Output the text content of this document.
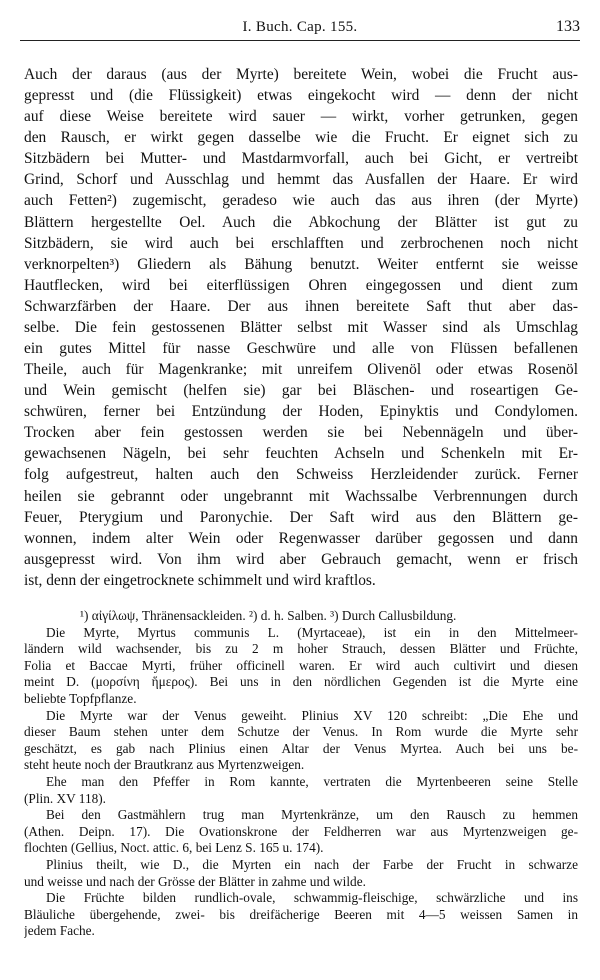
I. Buch. Cap. 155.	133
Auch der daraus (aus der Myrte) bereitete Wein, wobei die Frucht aus-
gepresst und (die Flüssigkeit) etwas eingekocht wird — denn der nicht
auf diese Weise bereitete wird sauer — wirkt, vorher getrunken, gegen
den Rausch, er wirkt gegen dasselbe wie die Frucht. Er eignet sich zu
Sitzbädern bei Mutter- und Mastdarmvorfall, auch bei Gicht, er vertreibt
Grind, Schorf und Ausschlag und hemmt das Ausfallen der Haare. Er wird
auch Fetten²) zugemischt, geradeso wie auch das aus ihren (der Myrte)
Blättern hergestellte Oel. Auch die Abkochung der Blätter ist gut zu
Sitzbädern, sie wird auch bei erschlafften und zerbrochenen noch nicht
verknorpelten³) Gliedern als Bähung benutzt. Weiter entfernt sie weisse
Hautflecken, wird bei eiterflüssigen Ohren eingegossen und dient zum
Schwarzfärben der Haare. Der aus ihnen bereitete Saft thut aber das-
selbe. Die fein gestossenen Blätter selbst mit Wasser sind als Umschlag
ein gutes Mittel für nasse Geschwüre und alle von Flüssen befallenen
Theile, auch für Magenkranke; mit unreifem Olivenöl oder etwas Rosenöl
und Wein gemischt (helfen sie) gar bei Bläschen- und roseartigen Ge-
schwüren, ferner bei Entzündung der Hoden, Epinyktis und Condylomen.
Trocken aber fein gestossen werden sie bei Nebennägeln und über-
gewachsenen Nägeln, bei sehr feuchten Achseln und Schenkeln mit Er-
folg aufgestreut, halten auch den Schweiss Herzleidender zurück. Ferner
heilen sie gebrannt oder ungebrannt mit Wachssalbe Verbrennungen durch
Feuer, Pterygium und Paronychie. Der Saft wird aus den Blättern ge-
wonnen, indem alter Wein oder Regenwasser darüber gegossen und dann
ausgepresst wird. Von ihm wird aber Gebrauch gemacht, wenn er frisch
ist, denn der eingetrocknete schimmelt und wird kraftlos.
¹) αἰγίλωψ, Thränensackleiden. ²) d. h. Salben. ³) Durch Callusbildung.
Die Myrte, Myrtus communis L. (Myrtaceae), ist ein in den Mittelmeer-
ländern wild wachsender, bis zu 2 m hoher Strauch, dessen Blätter und Früchte,
Folia et Baccae Myrti, früher officinell waren. Er wird auch cultivirt und diesen
meint D. (μορσίνη ἥμερος). Bei uns in den nördlichen Gegenden ist die Myrte eine
beliebte Topfpflanze.
Die Myrte war der Venus geweiht. Plinius XV 120 schreibt: „Die Ehe und
dieser Baum stehen unter dem Schutze der Venus. In Rom wurde die Myrte sehr
geschätzt, es gab nach Plinius einen Altar der Venus Myrtea. Auch bei uns be-
steht heute noch der Brautkranz aus Myrtenzweigen.
Ehe man den Pfeffer in Rom kannte, vertraten die Myrtenbeeren seine Stelle
(Plin. XV 118).
Bei den Gastmählern trug man Myrtenkränze, um den Rausch zu hemmen
(Athen. Deipn. 17). Die Ovationskrone der Feldherren war aus Myrtenzweigen ge-
flochten (Gellius, Noct. attic. 6, bei Lenz S. 165 u. 174).
Plinius theilt, wie D., die Myrten ein nach der Farbe der Frucht in schwarze
und weisse und nach der Grösse der Blätter in zahme und wilde.
Die Früchte bilden rundlich-ovale, schwammig-fleischige, schwärzliche und ins
Bläuliche übergehende, zwei- bis dreifächerige Beeren mit 4—5 weissen Samen in
jedem Fache.
